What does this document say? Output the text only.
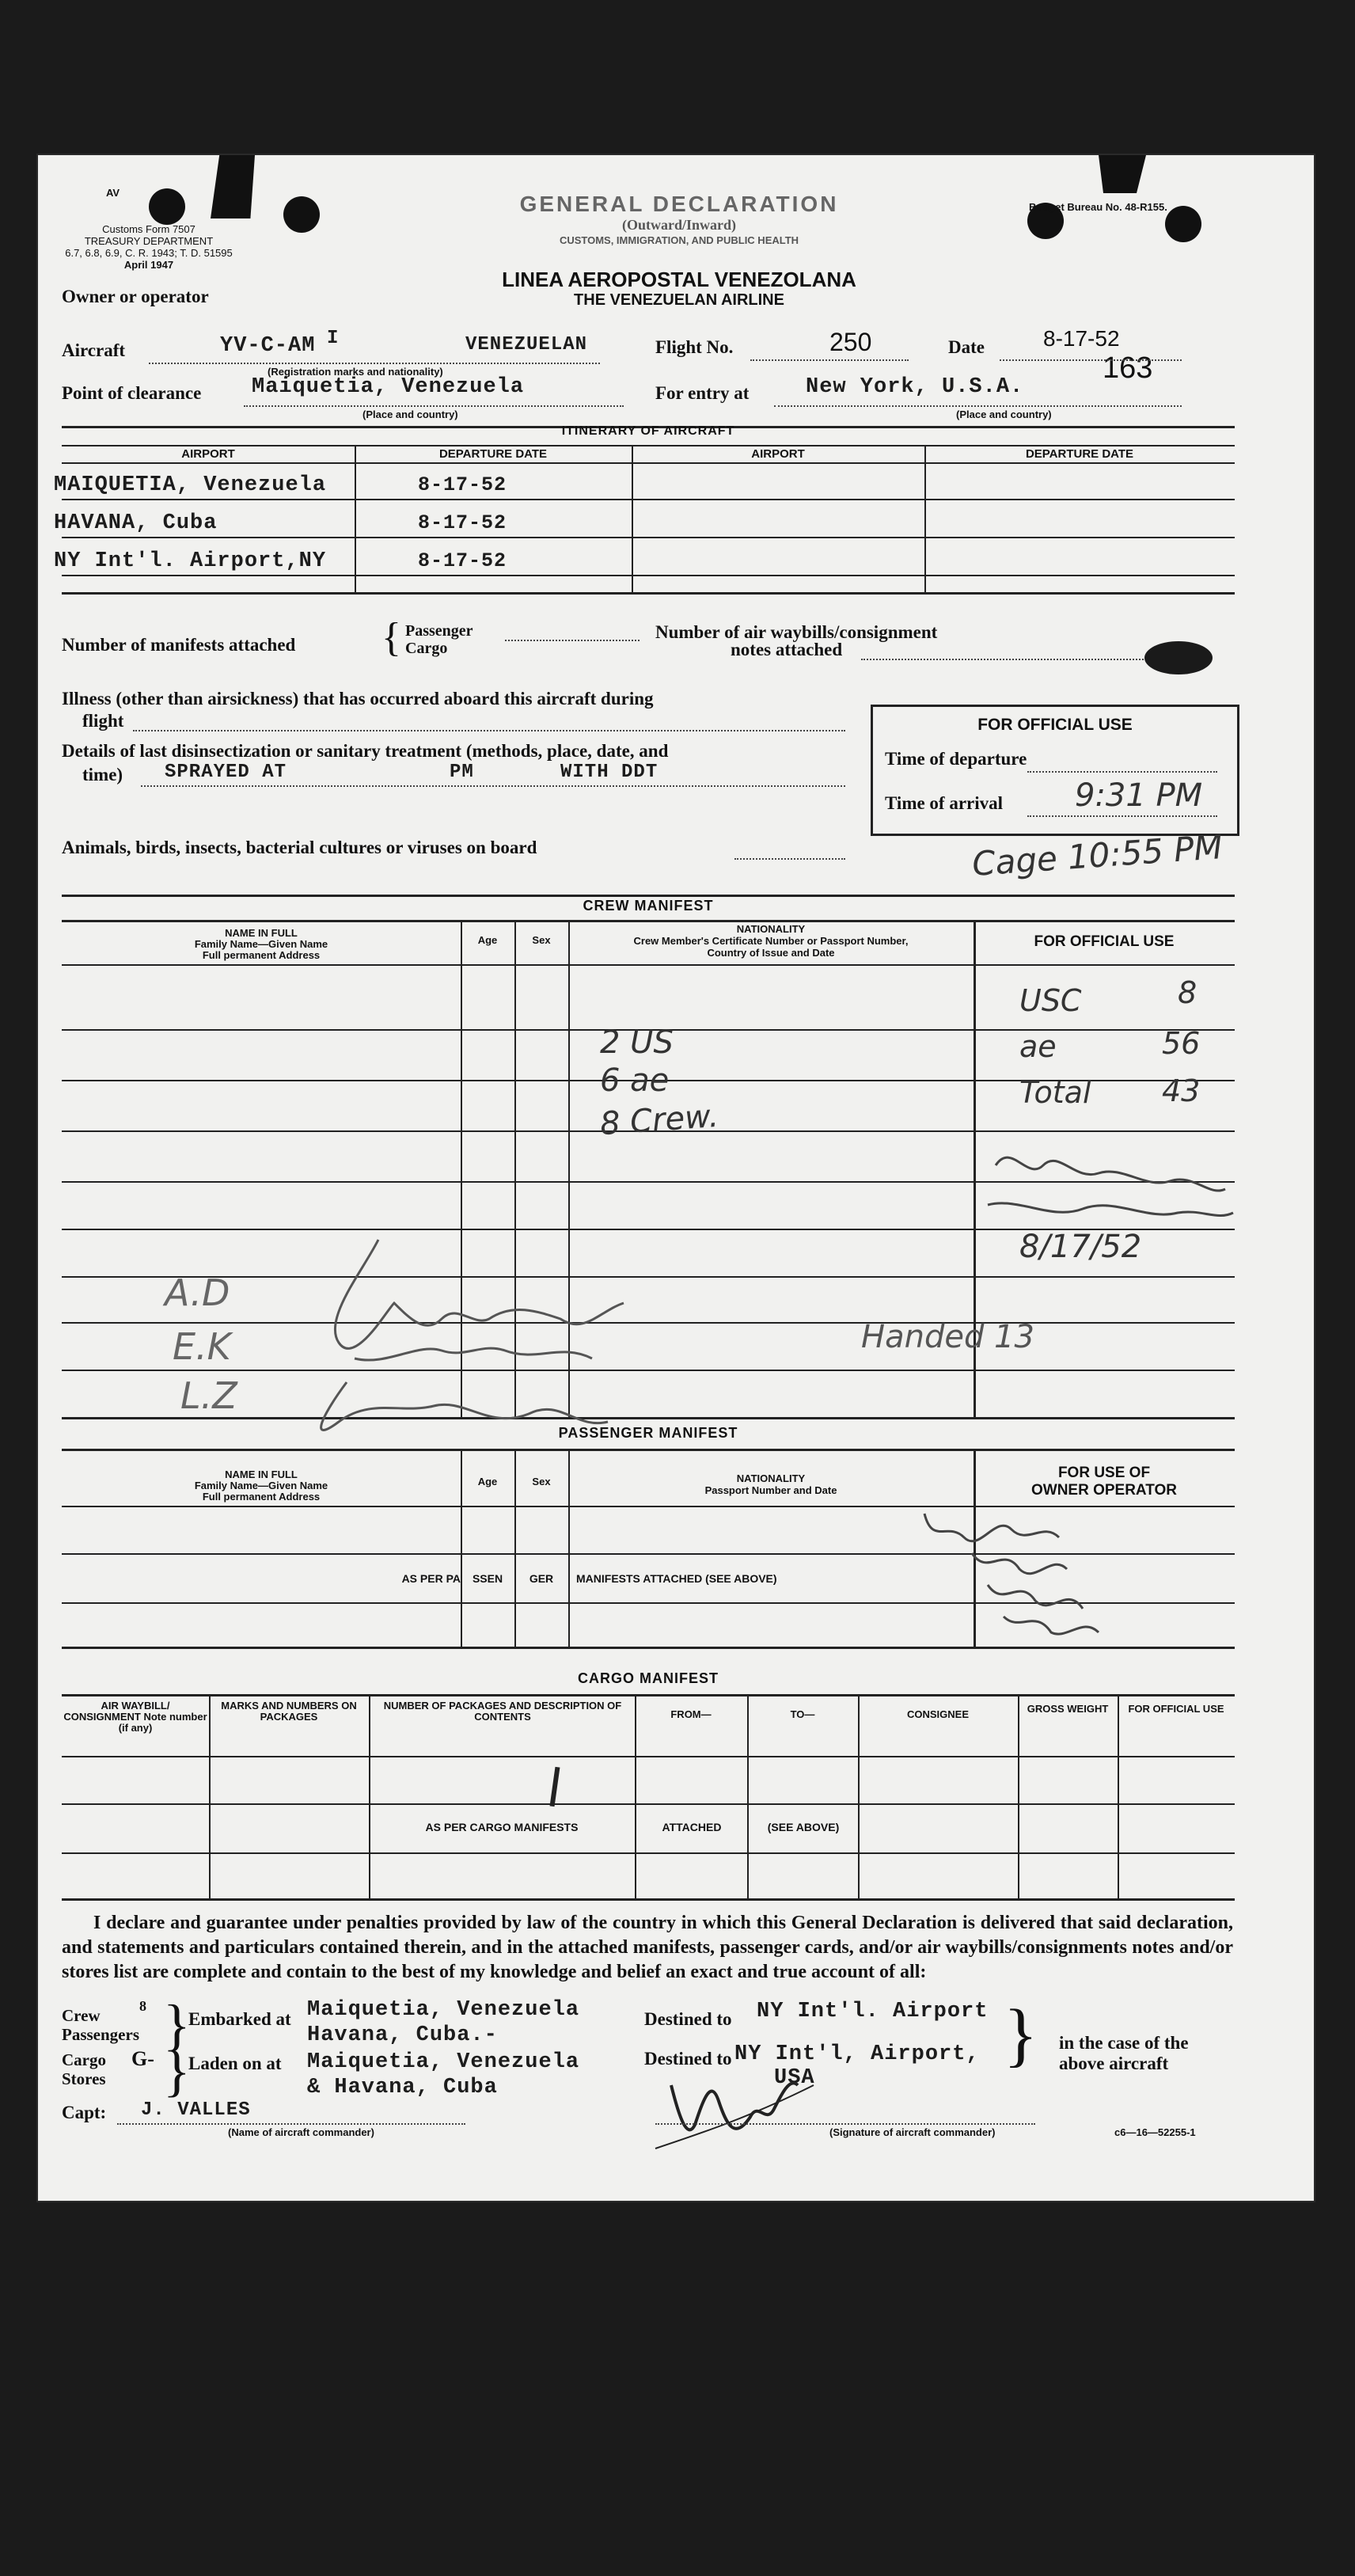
AV
Customs Form 7507
TREASURY DEPARTMENT
6.7, 6.8, 6.9, C. R. 1943; T. D. 51595
April 1947
GENERAL DECLARATION
(Outward/Inward)
CUSTOMS, IMMIGRATION, AND PUBLIC HEALTH
LINEA AEROPOSTAL VENEZOLANA
THE VENEZUELAN AIRLINE
Budget Bureau No. 48-R155.
163
Owner or operator
Aircraft	YV-C-AM I	VENEZUELAN
(Registration marks and nationality)
Flight No.	250	Date	8-17-52
Point of clearance Maiquetia, Venezuela
(Place and country)
For entry at	New York, U.S.A.
(Place and country)
ITINERARY OF AIRCRAFT
AIRPORT	DEPARTURE DATE	AIRPORT	DEPARTURE DATE
MAIQUETIA, Venezuela	8-17-52
HAVANA, Cuba	8-17-52
NY Int'l. Airport,NY	8-17-52
Number of manifests attached { Passenger
Cargo
Number of air waybills/consignment
notes attached
Illness (other than airsickness) that has occurred aboard this aircraft during
flight
Details of last disinsectization or sanitary treatment (methods, place, date, and
time) SPRAYED AT	PM	WITH DDT
FOR OFFICIAL USE
Time of departure
Time of arrival 9:31 PM
Animals, birds, insects, bacterial cultures or viruses on board	Cage 10:55 PM
CREW MANIFEST
NAME IN FULL
Family Name—Given Name
Full permanent Address
Age	Sex
NATIONALITY
Crew Member's Certificate Number or Passport Number,
Country of Issue and Date
FOR OFFICIAL USE
2 US
6 ae
8 Crew.
USC	8
ae	56
Total 43
8/17/52
A.D
E.K
L.Z
Handed 13
PASSENGER MANIFEST
NAME IN FULL
Family Name—Given Name
Full permanent Address
Age	Sex	NATIONALITY
Passport Number and Date
FOR USE OF
OWNER OPERATOR
AS PER PA	SSEN	GER	MANIFESTS ATTACHED (SEE ABOVE)
CARGO MANIFEST
AIR WAYBILL/ CONSIGNMENT Note number (if any)
MARKS AND NUMBERS ON PACKAGES
NUMBER OF PACKAGES AND DESCRIPTION OF CONTENTS	FROM—	TO—	CONSIGNEE	GROSS WEIGHT	FOR OFFICIAL USE
AS PER CARGO MANIFESTS	ATTACHED	(SEE ABOVE)
I declare and guarantee under penalties provided by law of the country in which this General Declaration is delivered that said declaration, and statements and particulars contained therein, and in the attached manifests, passenger cards, and/or air waybills/consignments notes and/or stores list are complete and contain to the best of my knowledge and belief an exact and true account of all:
Crew	8
Passengers
Cargo G-
Stores
}
}
Embarked at Maiquetia, Venezuela
Havana, Cuba.-
Laden on at Maiquetia, Venezuela
& Havana, Cuba
Destined to NY Int'l. Airport
Destined to NY Int'l, Airport,
USA
} in the case of the
above aircraft
Capt: J. VALLES
(Name of aircraft commander)	(Signature of aircraft commander)	c6—16—52255-1
